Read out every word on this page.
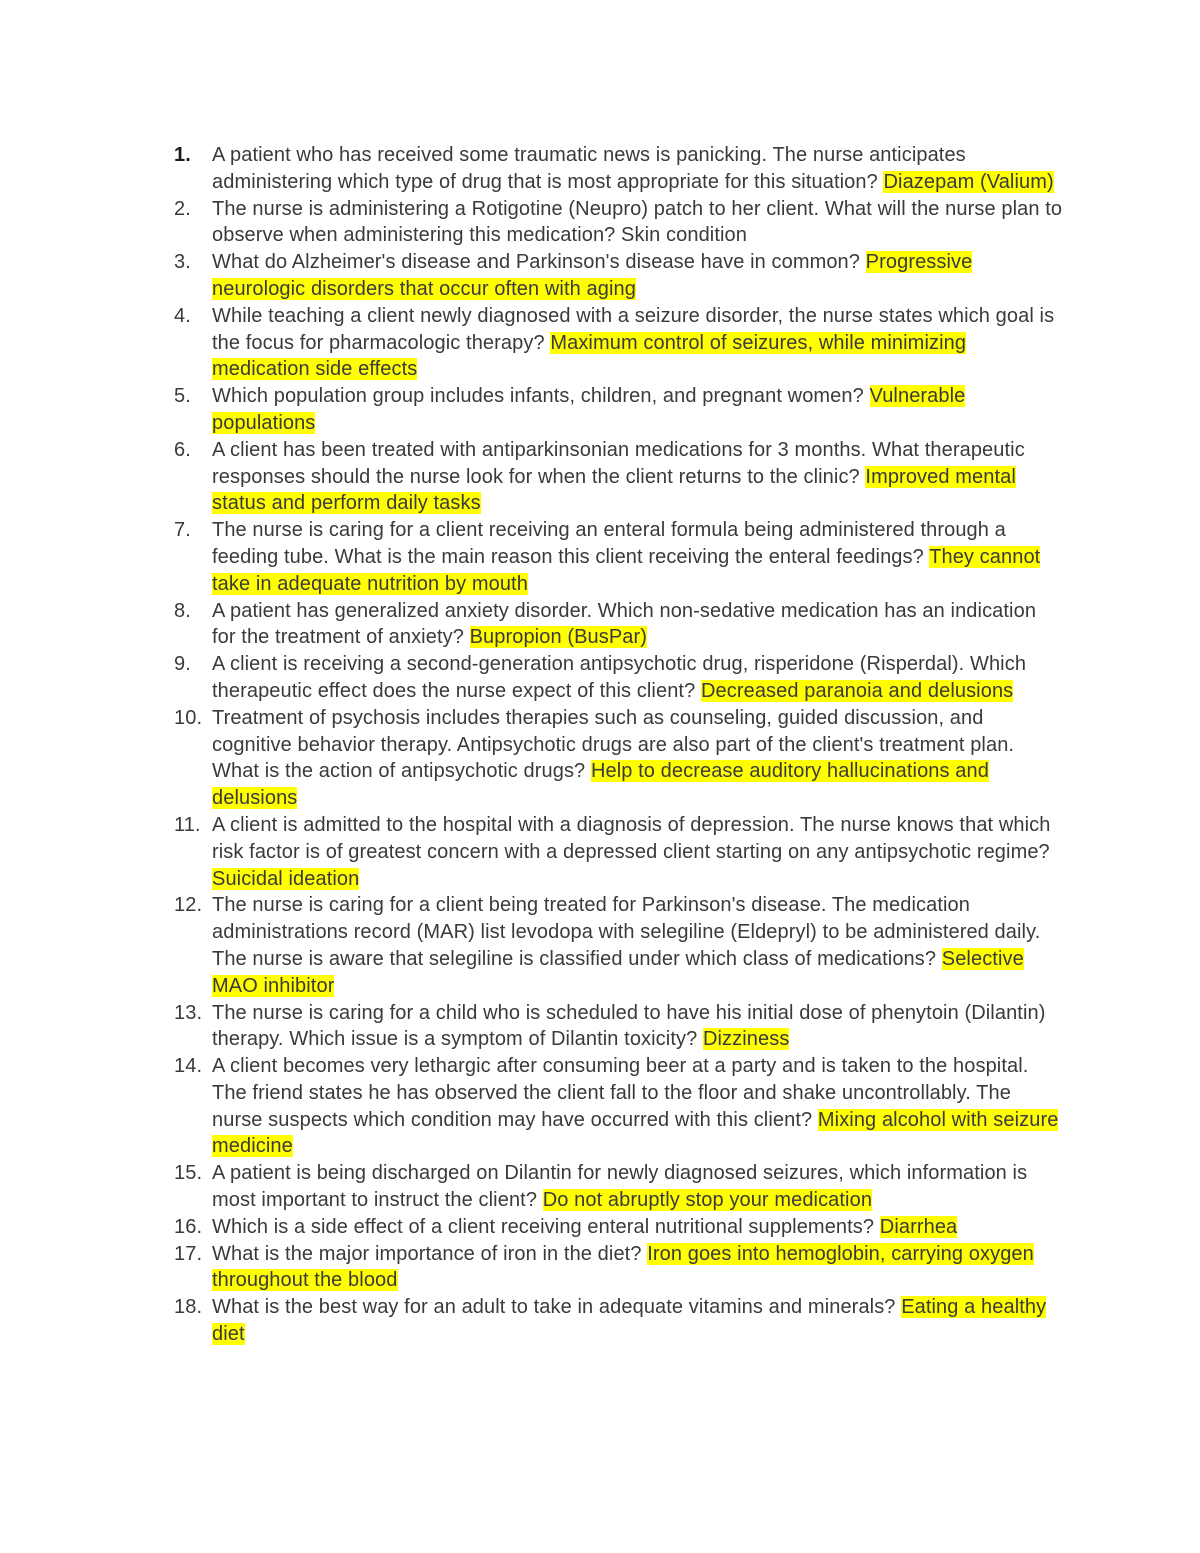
1.	A patient who has received some traumatic news is panicking. The nurse anticipates administering which type of drug that is most appropriate for this situation? Diazepam (Valium)
2.	The nurse is administering a Rotigotine (Neupro) patch to her client. What will the nurse plan to observe when administering this medication? Skin condition
3.	What do Alzheimer's disease and Parkinson's disease have in common? Progressive neurologic disorders that occur often with aging
4.	While teaching a client newly diagnosed with a seizure disorder, the nurse states which goal is the focus for pharmacologic therapy? Maximum control of seizures, while minimizing medication side effects
5.	Which population group includes infants, children, and pregnant women? Vulnerable populations
6.	A client has been treated with antiparkinsonian medications for 3 months. What therapeutic responses should the nurse look for when the client returns to the clinic? Improved mental status and perform daily tasks
7.	The nurse is caring for a client receiving an enteral formula being administered through a feeding tube. What is the main reason this client receiving the enteral feedings? They cannot take in adequate nutrition by mouth
8.	A patient has generalized anxiety disorder. Which non-sedative medication has an indication for the treatment of anxiety? Bupropion (BusPar)
9.	A client is receiving a second-generation antipsychotic drug, risperidone (Risperdal). Which therapeutic effect does the nurse expect of this client? Decreased paranoia and delusions
10. Treatment of psychosis includes therapies such as counseling, guided discussion, and cognitive behavior therapy. Antipsychotic drugs are also part of the client's treatment plan. What is the action of antipsychotic drugs? Help to decrease auditory hallucinations and delusions
11. A client is admitted to the hospital with a diagnosis of depression. The nurse knows that which risk factor is of greatest concern with a depressed client starting on any antipsychotic regime? Suicidal ideation
12. The nurse is caring for a client being treated for Parkinson's disease. The medication administrations record (MAR) list levodopa with selegiline (Eldepryl) to be administered daily. The nurse is aware that selegiline is classified under which class of medications? Selective MAO inhibitor
13. The nurse is caring for a child who is scheduled to have his initial dose of phenytoin (Dilantin) therapy. Which issue is a symptom of Dilantin toxicity? Dizziness
14. A client becomes very lethargic after consuming beer at a party and is taken to the hospital. The friend states he has observed the client fall to the floor and shake uncontrollably. The nurse suspects which condition may have occurred with this client? Mixing alcohol with seizure medicine
15. A patient is being discharged on Dilantin for newly diagnosed seizures, which information is most important to instruct the client? Do not abruptly stop your medication
16. Which is a side effect of a client receiving enteral nutritional supplements? Diarrhea
17. What is the major importance of iron in the diet? Iron goes into hemoglobin, carrying oxygen throughout the blood
18. What is the best way for an adult to take in adequate vitamins and minerals? Eating a healthy diet
